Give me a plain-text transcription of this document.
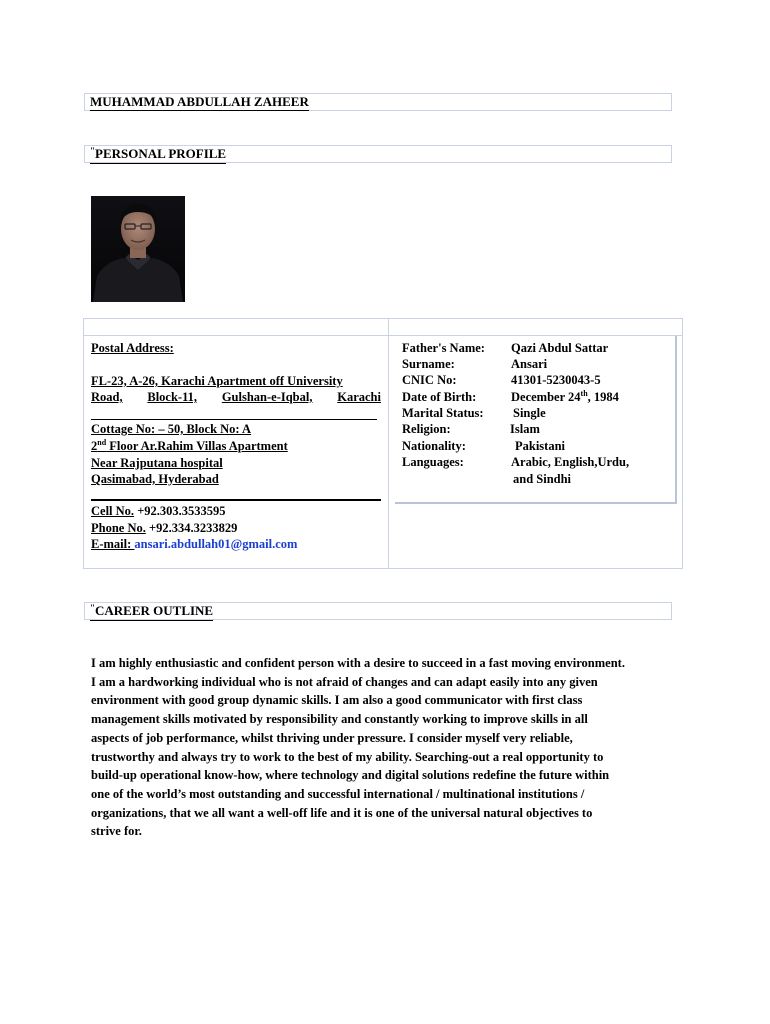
MUHAMMAD ABDULLAH ZAHEER
"PERSONAL PROFILE
Postal Address:
FL-23, A-26, Karachi Apartment off University
Road, Block-11, Gulshan-e-Iqbal, Karachi
Cottage No: – 50, Block No: A
2nd Floor Ar.Rahim Villas Apartment
Near Rajputana hospital
Qasimabad, Hyderabad
Cell No. +92.303.3533595
Phone No. +92.334.3233829
E-mail: ansari.abdullah01@gmail.com
Father's Name: Qazi Abdul Sattar
Surname:	Ansari
CNIC No:	41301-5230043-5
Date of Birth:	December 24th, 1984
Marital Status: Single
Religion:	Islam
Nationality:	Pakistani
Languages:	Arabic, English,Urdu,
and Sindhi
"CAREER OUTLINE
I am highly enthusiastic and confident person with a desire to succeed in a fast moving environment.
I am a hardworking individual who is not afraid of changes and can adapt easily into any given
environment with good group dynamic skills. I am also a good communicator with first class
management skills motivated by responsibility and constantly working to improve skills in all
aspects of job performance, whilst thriving under pressure. I consider myself very reliable,
trustworthy and always try to work to the best of my ability. Searching-out a real opportunity to
build-up operational know-how, where technology and digital solutions redefine the future within
one of the world’s most outstanding and successful international / multinational institutions /
organizations, that we all want a well-off life and it is one of the universal natural objectives to
strive for.
